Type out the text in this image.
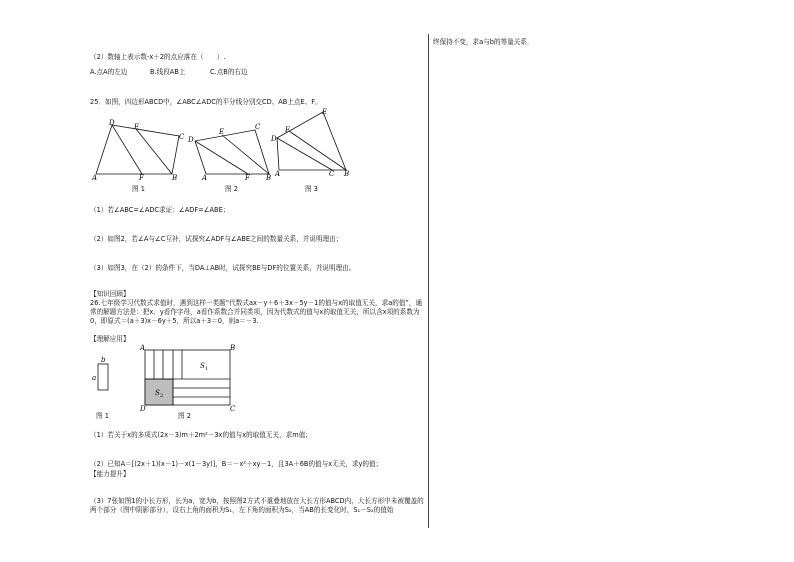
（2）数轴上表示数-x＋2的点应落在（　　）.
A.点A的左边	B.线段AB上	C.点B的右边
25．如图，四边形ABCD中，∠ABC∠ADC的平分线分别交CD、AB上点E、F。
D	E
C
A	F	B
图 1
D
E
C
A	F B
图 2
D
F
E
A	C B
图 3
（1）若∠ABC=∠ADC求证：∠ADF=∠ABE；
（2）如图2，若∠A与∠C互补，试探究∠ADF与∠ABE之间的数量关系，并说明理由；
（3）如图3，在（2）的条件下，当DA⊥AB时，试探究BE与DF的位置关系，并说明理由。
【知识回顾】
26.七年级学习代数式求值时，遇到这样一类题“代数式ax－y＋6＋3x－5y－1的值与x的取值无关，求a的值”，通常的解题方法是：把x、y看作字母，a看作系数合并同类项，因为代数式的值与x的取值无关，所以含x项的系数为0，即原式＝(a＋3)x－6y＋5，所以a＋3＝0，则a＝－3.
【理解应用】
b
a
图 1
A	B
D	C
S 1
S 2
图 2
（1）若关于x的多项式(2x－3)m＋2m²－3x的值与x的取值无关，求m值；
（2）已知A＝[(2x＋1)(x－1)－x(1－3y)]，B＝－x²＋xy－1，且3A＋6B的值与x无关，求y的值；
【能力提升】
（3）7张如图1的小长方形，长为a，宽为b，按照图2方式不重叠地放在大长方形ABCD内，大长方形中未被覆盖的两个部分（图中阴影部分），设右上角的面积为S₁，左下角的面积为S₂，当AB的长变化时，S₁－S₂的值始
终保持不变，求a与b的等量关系．
